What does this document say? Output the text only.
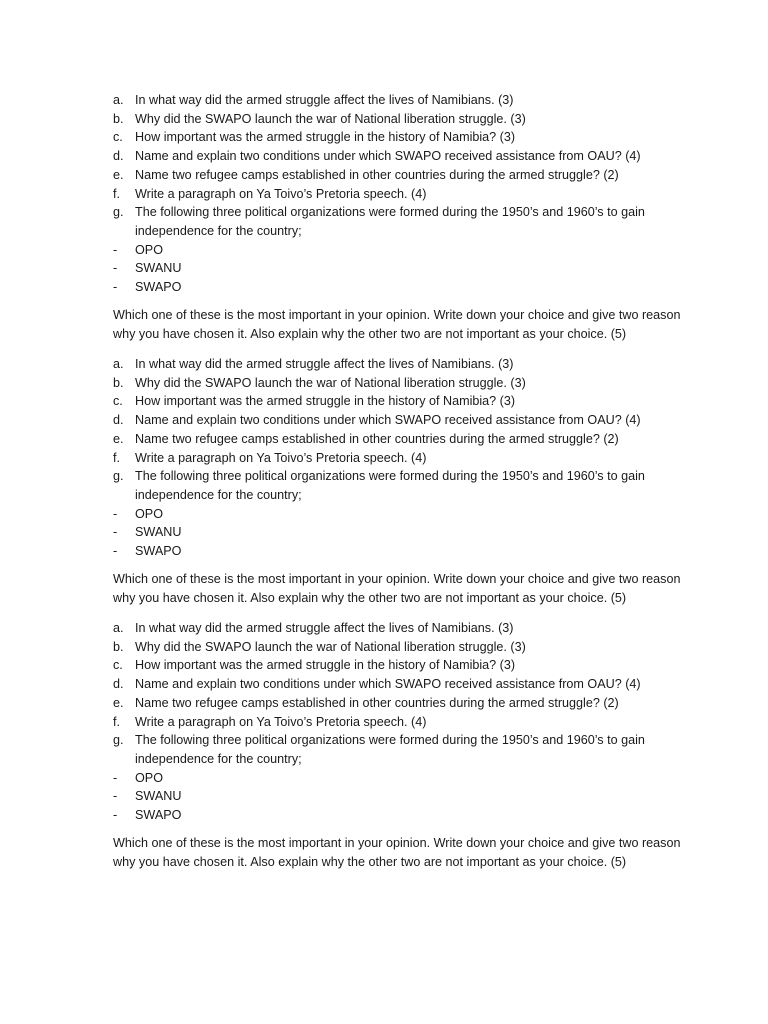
a. In what way did the armed struggle affect the lives of Namibians. (3)
b. Why did the SWAPO launch the war of National liberation struggle. (3)
c. How important was the armed struggle in the history of Namibia? (3)
d. Name and explain two conditions under which SWAPO received assistance from OAU? (4)
e. Name two refugee camps established in other countries during the armed struggle? (2)
f. Write a paragraph on Ya Toivo’s Pretoria speech. (4)
g. The following three political organizations were formed during the 1950’s and 1960’s to gain independence for the country;
- OPO
- SWANU
- SWAPO

Which one of these is the most important in your opinion. Write down your choice and give two reason why you have chosen it. Also explain why the other two are not important as your choice. (5)

a. In what way did the armed struggle affect the lives of Namibians. (3)
b. Why did the SWAPO launch the war of National liberation struggle. (3)
c. How important was the armed struggle in the history of Namibia? (3)
d. Name and explain two conditions under which SWAPO received assistance from OAU? (4)
e. Name two refugee camps established in other countries during the armed struggle? (2)
f. Write a paragraph on Ya Toivo’s Pretoria speech. (4)
g. The following three political organizations were formed during the 1950’s and 1960’s to gain independence for the country;
- OPO
- SWANU
- SWAPO

Which one of these is the most important in your opinion. Write down your choice and give two reason why you have chosen it. Also explain why the other two are not important as your choice. (5)

a. In what way did the armed struggle affect the lives of Namibians. (3)
b. Why did the SWAPO launch the war of National liberation struggle. (3)
c. How important was the armed struggle in the history of Namibia? (3)
d. Name and explain two conditions under which SWAPO received assistance from OAU? (4)
e. Name two refugee camps established in other countries during the armed struggle? (2)
f. Write a paragraph on Ya Toivo’s Pretoria speech. (4)
g. The following three political organizations were formed during the 1950’s and 1960’s to gain independence for the country;
- OPO
- SWANU
- SWAPO

Which one of these is the most important in your opinion. Write down your choice and give two reason why you have chosen it. Also explain why the other two are not important as your choice. (5)
